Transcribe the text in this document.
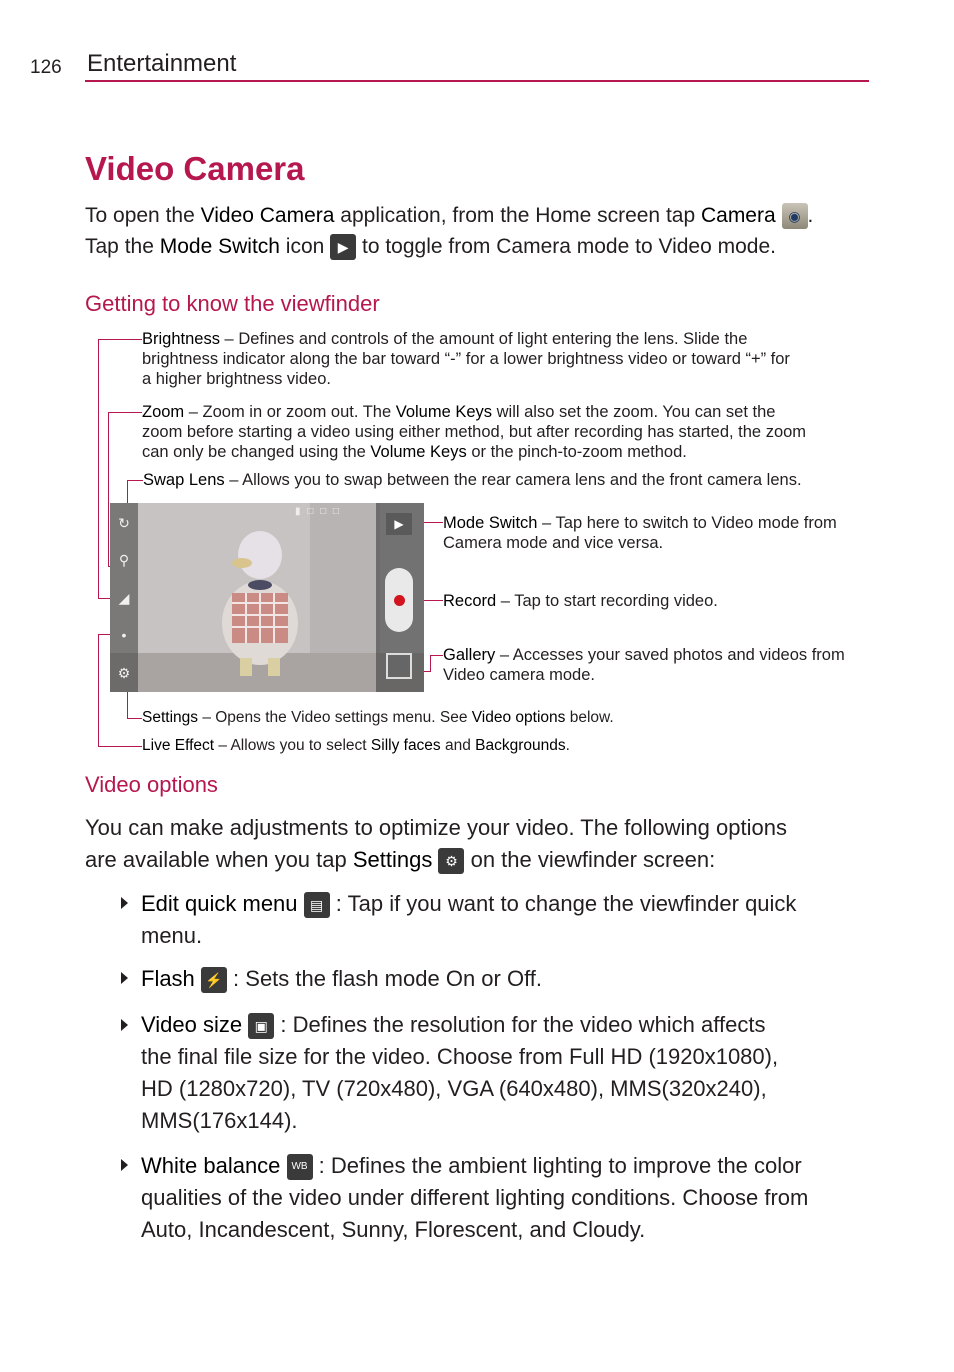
126 Entertainment
Video Camera
To open the Video Camera application, from the Home screen tap Camera ◉ .
Tap the Mode Switch icon ▶ to toggle from Camera mode to Video mode.
Getting to know the viewfinder
Brightness – Defines and controls of the amount of light entering the lens. Slide the
brightness indicator along the bar toward “-” for a lower brightness video or toward “+” for
a higher brightness video.
Zoom – Zoom in or zoom out. The Volume Keys will also set the zoom. You can set the
zoom before starting a video using either method, but after recording has started, the zoom
can only be changed using the Volume Keys or the pinch-to-zoom method.
Swap Lens – Allows you to swap between the rear camera lens and the front camera lens.
Mode Switch – Tap here to switch to Video mode from
Camera mode and vice versa.
Record – Tap to start recording video.
Gallery – Accesses your saved photos and videos from
Video camera mode.
Settings – Opens the Video settings menu. See Video options below.
Live Effect – Allows you to select Silly faces and Backgrounds.
↻
⚲
◢
•
⚙
▮ □ □ □
▶
Video options
You can make adjustments to optimize your video. The following options
are available when you tap Settings ⚙ on the viewfinder screen:
Edit quick menu ▤ : Tap if you want to change the viewfinder quick
menu.
Flash ⚡ : Sets the flash mode On or Off.
Video size ▣ : Defines the resolution for the video which affects
the final file size for the video. Choose from Full HD (1920x1080),
HD (1280x720), TV (720x480), VGA (640x480), MMS(320x240),
MMS(176x144).
White balance WB : Defines the ambient lighting to improve the color
qualities of the video under different lighting conditions. Choose from
Auto, Incandescent, Sunny, Florescent, and Cloudy.
